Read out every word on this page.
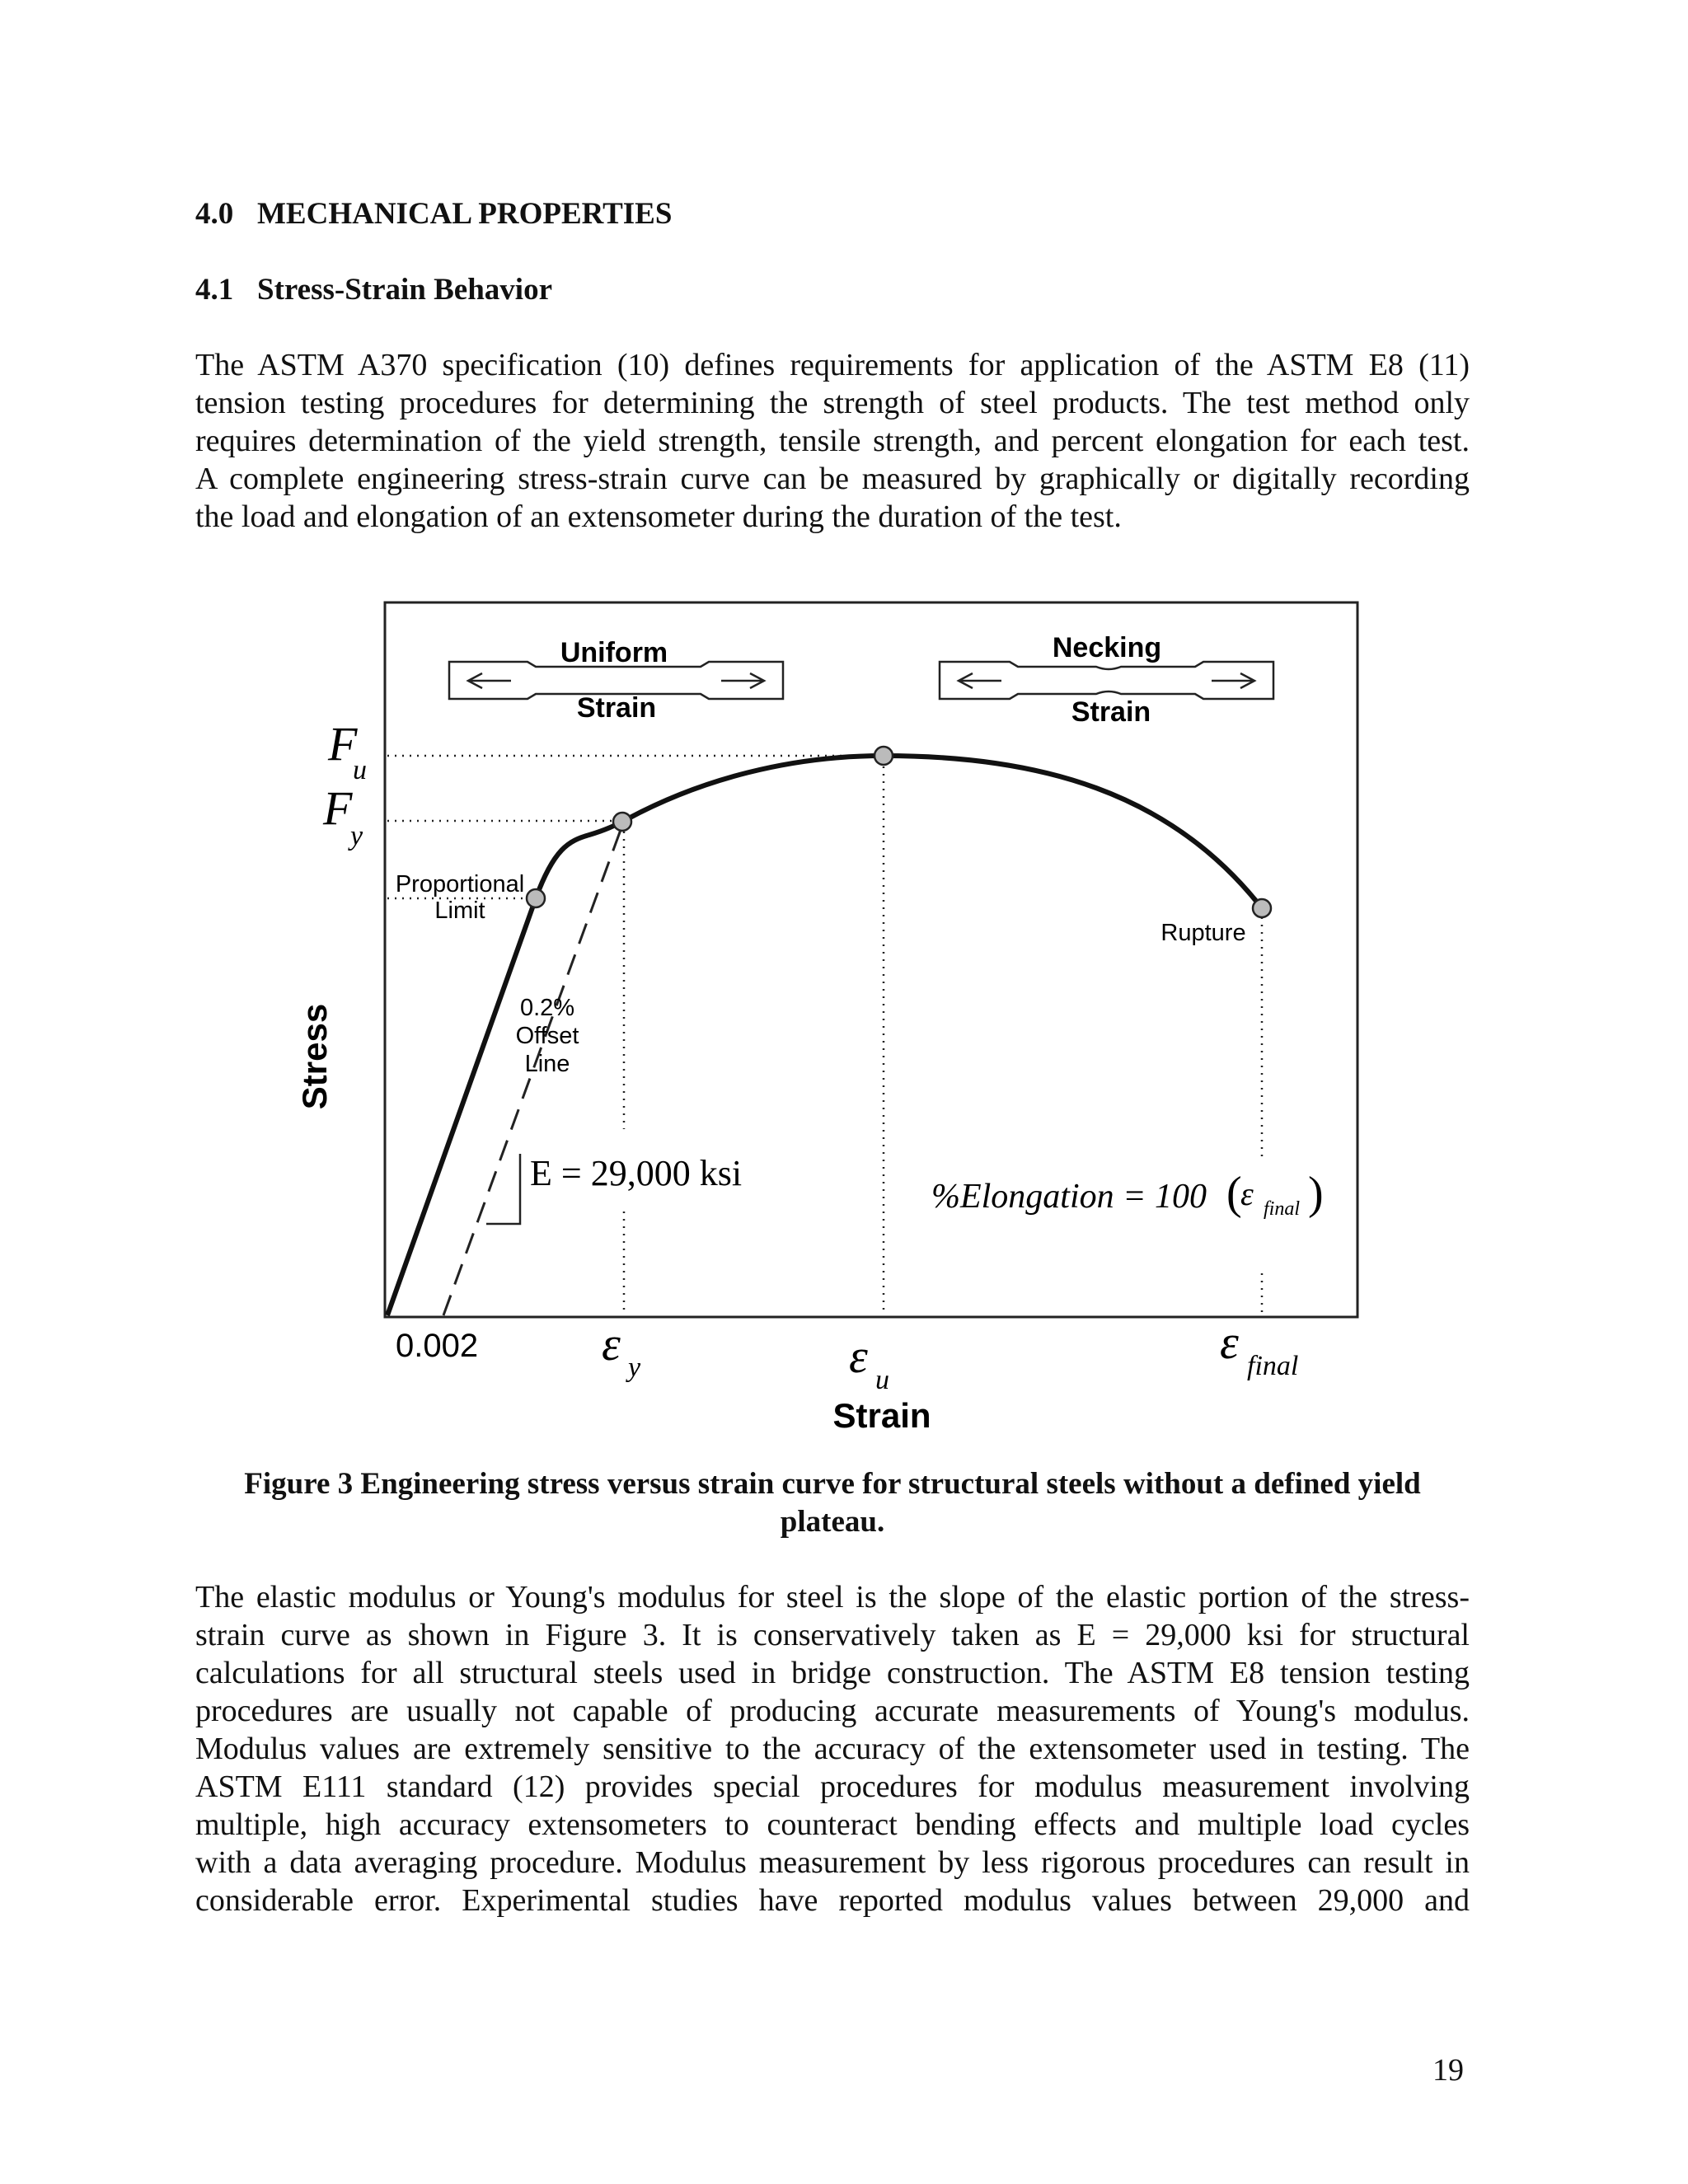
4.0 MECHANICAL PROPERTIES
4.1 Stress-Strain Behavior
The ASTM A370 specification (10) defines requirements for application of the ASTM E8 (11)
tension testing procedures for determining the strength of steel products. The test method only
requires determination of the yield strength, tensile strength, and percent elongation for each test.
A complete engineering stress-strain curve can be measured by graphically or digitally recording
the load and elongation of an extensometer during the duration of the test.
Uniform
Strain
Necking
Strain
F
u
F
y
Proportional
Limit
Rupture
0.2%
Offset
Line
E = 29,000 ksi
%Elongation = 100 (
ε final )
Stress
Strain
0.002	ε y	ε u
ε final
Figure 3 Engineering stress versus strain curve for structural steels without a defined yield
plateau.
The elastic modulus or Young's modulus for steel is the slope of the elastic portion of the stress-
strain curve as shown in Figure 3. It is conservatively taken as E = 29,000 ksi for structural
calculations for all structural steels used in bridge construction. The ASTM E8 tension testing
procedures are usually not capable of producing accurate measurements of Young's modulus.
Modulus values are extremely sensitive to the accuracy of the extensometer used in testing. The
ASTM E111 standard (12) provides special procedures for modulus measurement involving
multiple, high accuracy extensometers to counteract bending effects and multiple load cycles
with a data averaging procedure. Modulus measurement by less rigorous procedures can result in
considerable error. Experimental studies have reported modulus values between 29,000 and
19
